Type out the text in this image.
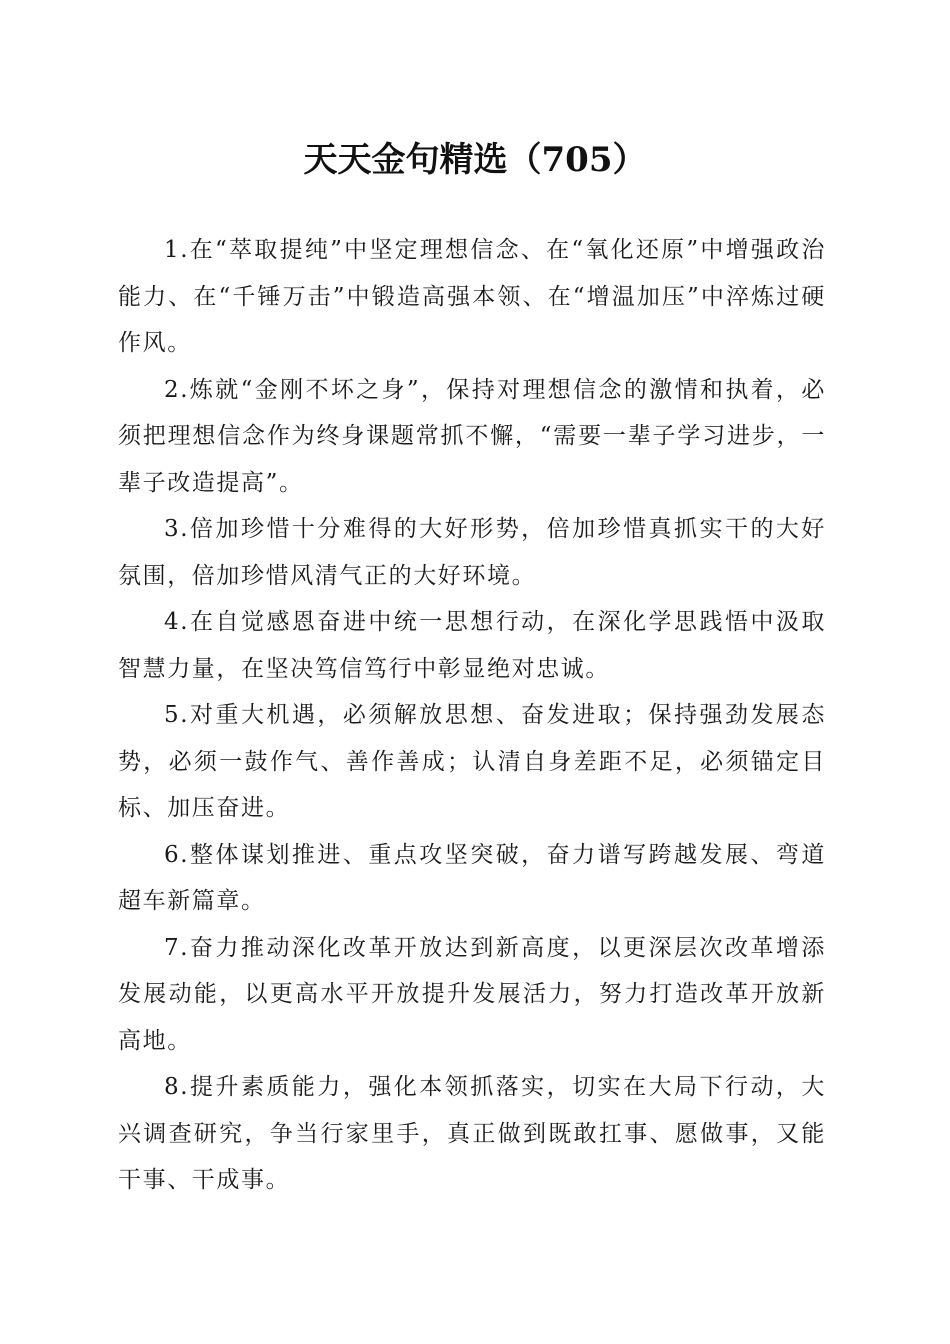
天天金句精选（705）

1.在“萃取提纯”中坚定理想信念、在“氧化还原”中增强政治能力、在“千锤万击”中锻造高强本领、在“增温加压”中淬炼过硬作风。

2.炼就“金刚不坏之身”，保持对理想信念的激情和执着，必须把理想信念作为终身课题常抓不懈，“需要一辈子学习进步，一辈子改造提高”。

3.倍加珍惜十分难得的大好形势，倍加珍惜真抓实干的大好氛围，倍加珍惜风清气正的大好环境。

4.在自觉感恩奋进中统一思想行动，在深化学思践悟中汲取智慧力量，在坚决笃信笃行中彰显绝对忠诚。

5.对重大机遇，必须解放思想、奋发进取；保持强劲发展态势，必须一鼓作气、善作善成；认清自身差距不足，必须锚定目标、加压奋进。

6.整体谋划推进、重点攻坚突破，奋力谱写跨越发展、弯道超车新篇章。

7.奋力推动深化改革开放达到新高度，以更深层次改革增添发展动能，以更高水平开放提升发展活力，努力打造改革开放新高地。

8.提升素质能力，强化本领抓落实，切实在大局下行动，大兴调查研究，争当行家里手，真正做到既敢扛事、愿做事，又能干事、干成事。
